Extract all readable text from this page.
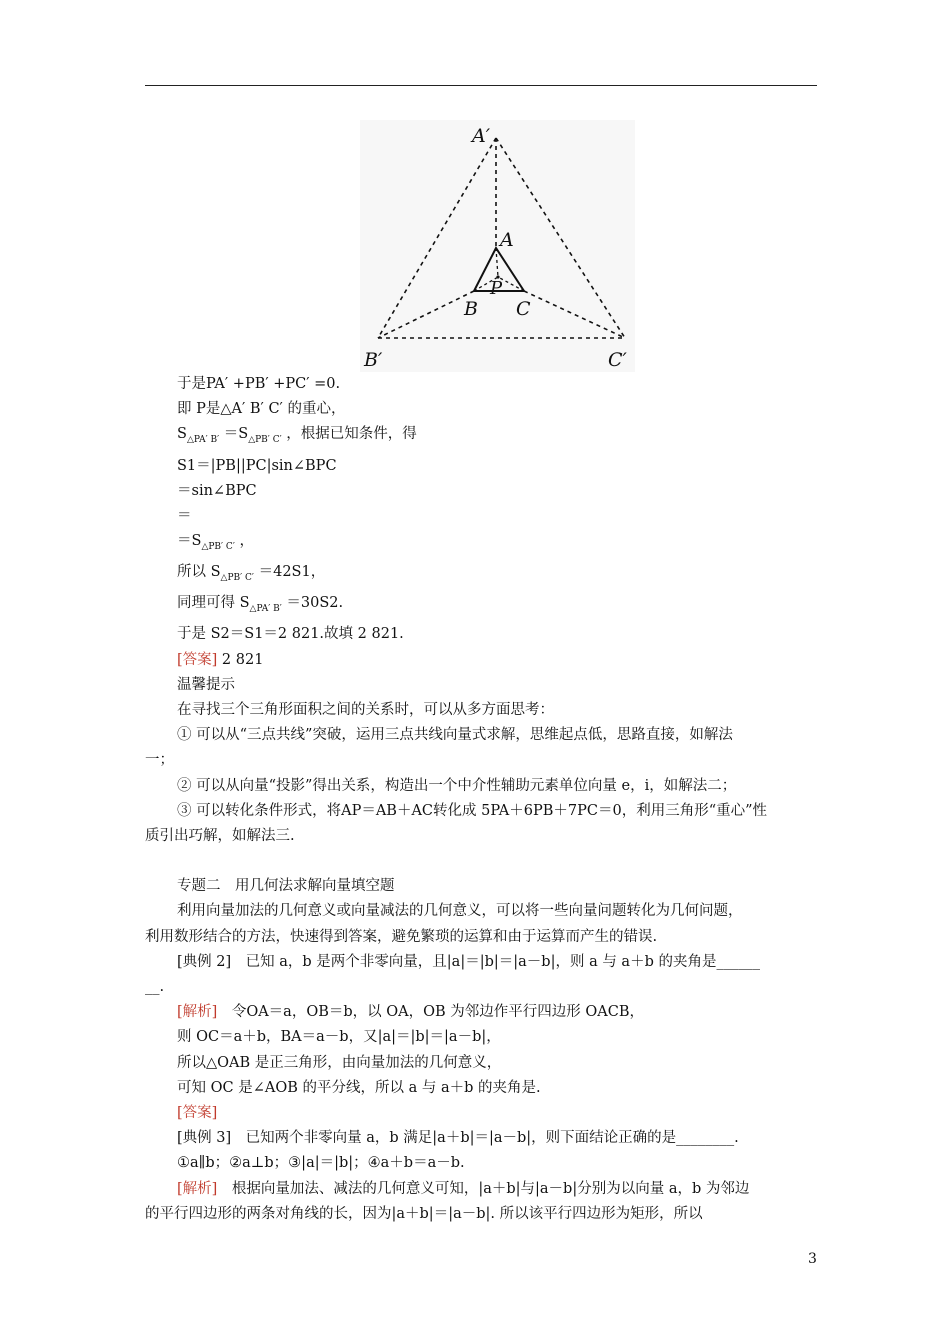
A′
A
P
B C
B′	C′

于是PA′ +PB′ +PC′ =0.

即 P是△A′ B′ C′ 的重心，

$S_{\triangle PA' B'} =S_{\triangle PB' C'}$ ，根据已知条件，得

S1＝|PB||PC|sin∠BPC

＝sin∠BPC

＝

$=S_{\triangle PB' C'}$ ，

所以 $S_{\triangle PB' C'} =42S1$，

同理可得 $S_{\triangle PA' B'} =30S2$.

于是 S2＝S1＝2 821.故填 2 821.

[答案] 2 821

温馨提示

在寻找三个三角形面积之间的关系时，可以从多方面思考：

① 可以从“三点共线”突破，运用三点共线向量式求解，思维起点低，思路直接，如解法

一；

② 可以从向量“投影”得出关系，构造出一个中介性辅助元素单位向量 e，i，如解法二；

③ 可以转化条件形式，将AP＝AB＋AC转化成 5PA＋6PB＋7PC＝0，利用三角形“重心”性

质引出巧解，如解法三.

专题二　用几何法求解向量填空题

利用向量加法的几何意义或向量减法的几何意义，可以将一些向量问题转化为几何问题，

利用数形结合的方法，快速得到答案，避免繁琐的运算和由于运算而产生的错误.

[典例 2]　已知 a，b 是两个非零向量，且|a|＝|b|＝|a－b|，则 a 与 a＋b 的夹角是______

__.

[解析]　令OA＝a，OB＝b，以 OA，OB 为邻边作平行四边形 OACB，

则 OC＝a＋b，BA＝a－b，又|a|＝|b|＝|a－b|，

所以△OAB 是正三角形，由向量加法的几何意义，

可知 OC 是∠AOB 的平分线，所以 a 与 a＋b 的夹角是.

[答案]

[典例 3]　已知两个非零向量 a，b 满足|a＋b|＝|a－b|，则下面结论正确的是________.

①a∥b；②a⊥b；③|a|＝|b|；④a＋b＝a－b.

[解析]　根据向量加法、减法的几何意义可知，|a＋b|与|a－b|分别为以向量 a，b 为邻边

的平行四边形的两条对角线的长，因为|a＋b|＝|a－b|. 所以该平行四边形为矩形，所以

3
